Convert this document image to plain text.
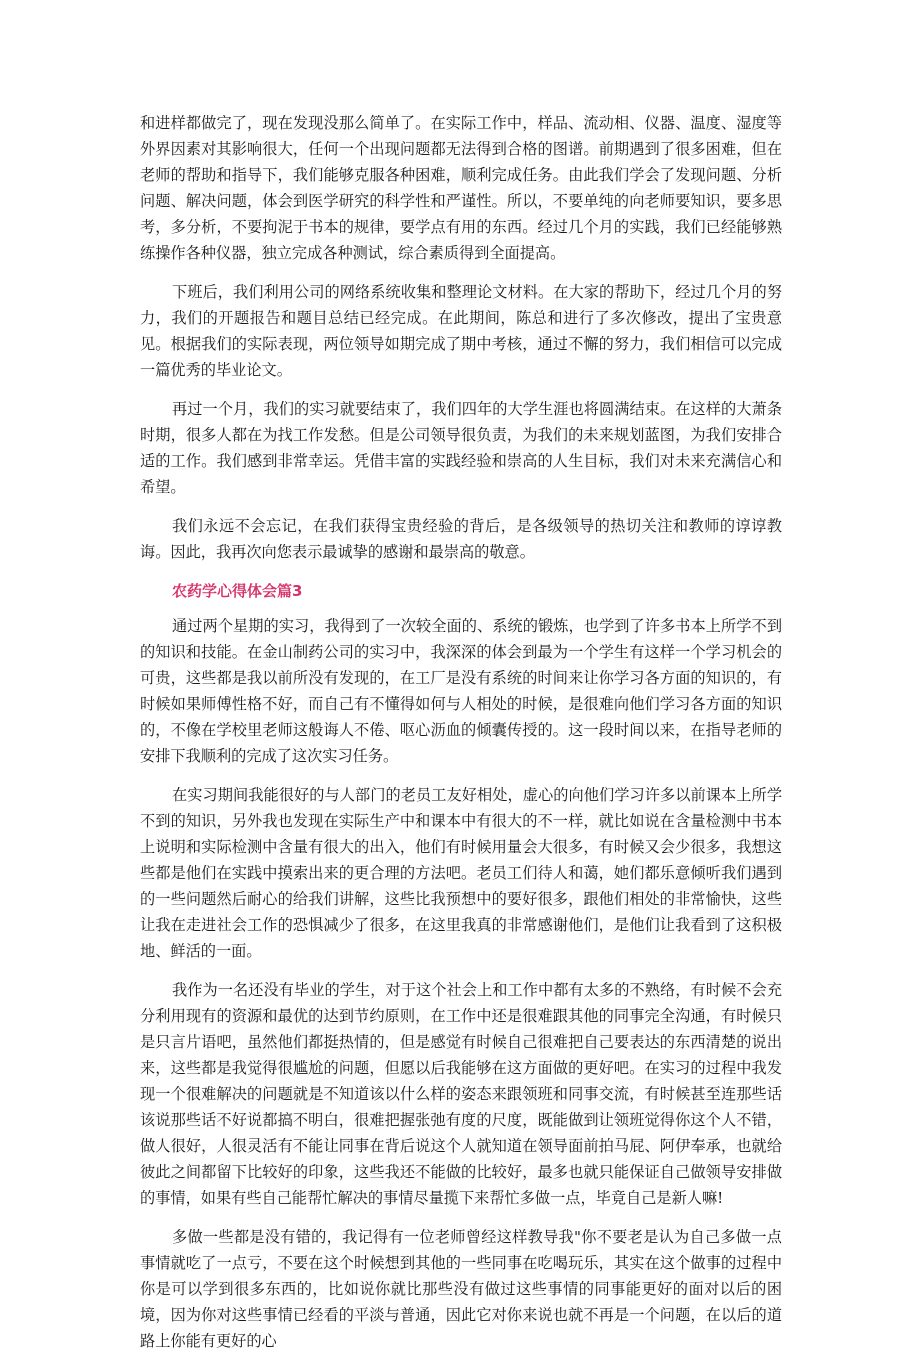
和进样都做完了，现在发现没那么简单了。在实际工作中，样品、流动相、仪器、温度、湿度等外界因素对其影响很大，任何一个出现问题都无法得到合格的图谱。前期遇到了很多困难，但在老师的帮助和指导下，我们能够克服各种困难，顺利完成任务。由此我们学会了发现问题、分析问题、解决问题，体会到医学研究的科学性和严谨性。所以，不要单纯的向老师要知识，要多思考，多分析，不要拘泥于书本的规律，要学点有用的东西。经过几个月的实践，我们已经能够熟练操作各种仪器，独立完成各种测试，综合素质得到全面提高。

下班后，我们利用公司的网络系统收集和整理论文材料。在大家的帮助下，经过几个月的努力，我们的开题报告和题目总结已经完成。在此期间，陈总和进行了多次修改，提出了宝贵意见。根据我们的实际表现，两位领导如期完成了期中考核，通过不懈的努力，我们相信可以完成一篇优秀的毕业论文。

再过一个月，我们的实习就要结束了，我们四年的大学生涯也将圆满结束。在这样的大萧条时期，很多人都在为找工作发愁。但是公司领导很负责，为我们的未来规划蓝图，为我们安排合适的工作。我们感到非常幸运。凭借丰富的实践经验和崇高的人生目标，我们对未来充满信心和希望。

我们永远不会忘记，在我们获得宝贵经验的背后，是各级领导的热切关注和教师的谆谆教诲。因此，我再次向您表示最诚挚的感谢和最崇高的敬意。

农药学心得体会篇3

通过两个星期的实习，我得到了一次较全面的、系统的锻炼，也学到了许多书本上所学不到的知识和技能。在金山制药公司的实习中，我深深的体会到最为一个学生有这样一个学习机会的可贵，这些都是我以前所没有发现的，在工厂是没有系统的时间来让你学习各方面的知识的，有时候如果师傅性格不好，而自己有不懂得如何与人相处的时候，是很难向他们学习各方面的知识的，不像在学校里老师这般诲人不倦、呕心沥血的倾囊传授的。这一段时间以来，在指导老师的安排下我顺利的完成了这次实习任务。

在实习期间我能很好的与人部门的老员工友好相处，虚心的向他们学习许多以前课本上所学不到的知识，另外我也发现在实际生产中和课本中有很大的不一样，就比如说在含量检测中书本上说明和实际检测中含量有很大的出入，他们有时候用量会大很多，有时候又会少很多，我想这些都是他们在实践中摸索出来的更合理的方法吧。老员工们待人和蔼，她们都乐意倾听我们遇到的一些问题然后耐心的给我们讲解，这些比我预想中的要好很多，跟他们相处的非常愉快，这些让我在走进社会工作的恐惧减少了很多，在这里我真的非常感谢他们，是他们让我看到了这积极地、鲜活的一面。

我作为一名还没有毕业的学生，对于这个社会上和工作中都有太多的不熟络，有时候不会充分利用现有的资源和最优的达到节约原则，在工作中还是很难跟其他的同事完全沟通，有时候只是只言片语吧，虽然他们都挺热情的，但是感觉有时候自己很难把自己要表达的东西清楚的说出来，这些都是我觉得很尴尬的问题，但愿以后我能够在这方面做的更好吧。在实习的过程中我发现一个很难解决的问题就是不知道该以什么样的姿态来跟领班和同事交流，有时候甚至连那些话该说那些话不好说都搞不明白，很难把握张弛有度的尺度，既能做到让领班觉得你这个人不错，做人很好，人很灵活有不能让同事在背后说这个人就知道在领导面前拍马屁、阿伊奉承，也就给彼此之间都留下比较好的印象，这些我还不能做的比较好，最多也就只能保证自己做领导安排做的事情，如果有些自己能帮忙解决的事情尽量揽下来帮忙多做一点，毕竟自己是新人嘛!

多做一些都是没有错的，我记得有一位老师曾经这样教导我"你不要老是认为自己多做一点事情就吃了一点亏，不要在这个时候想到其他的一些同事在吃喝玩乐，其实在这个做事的过程中你是可以学到很多东西的，比如说你就比那些没有做过这些事情的同事能更好的面对以后的困境，因为你对这些事情已经看的平淡与普通，因此它对你来说也就不再是一个问题，在以后的道路上你能有更好的心
